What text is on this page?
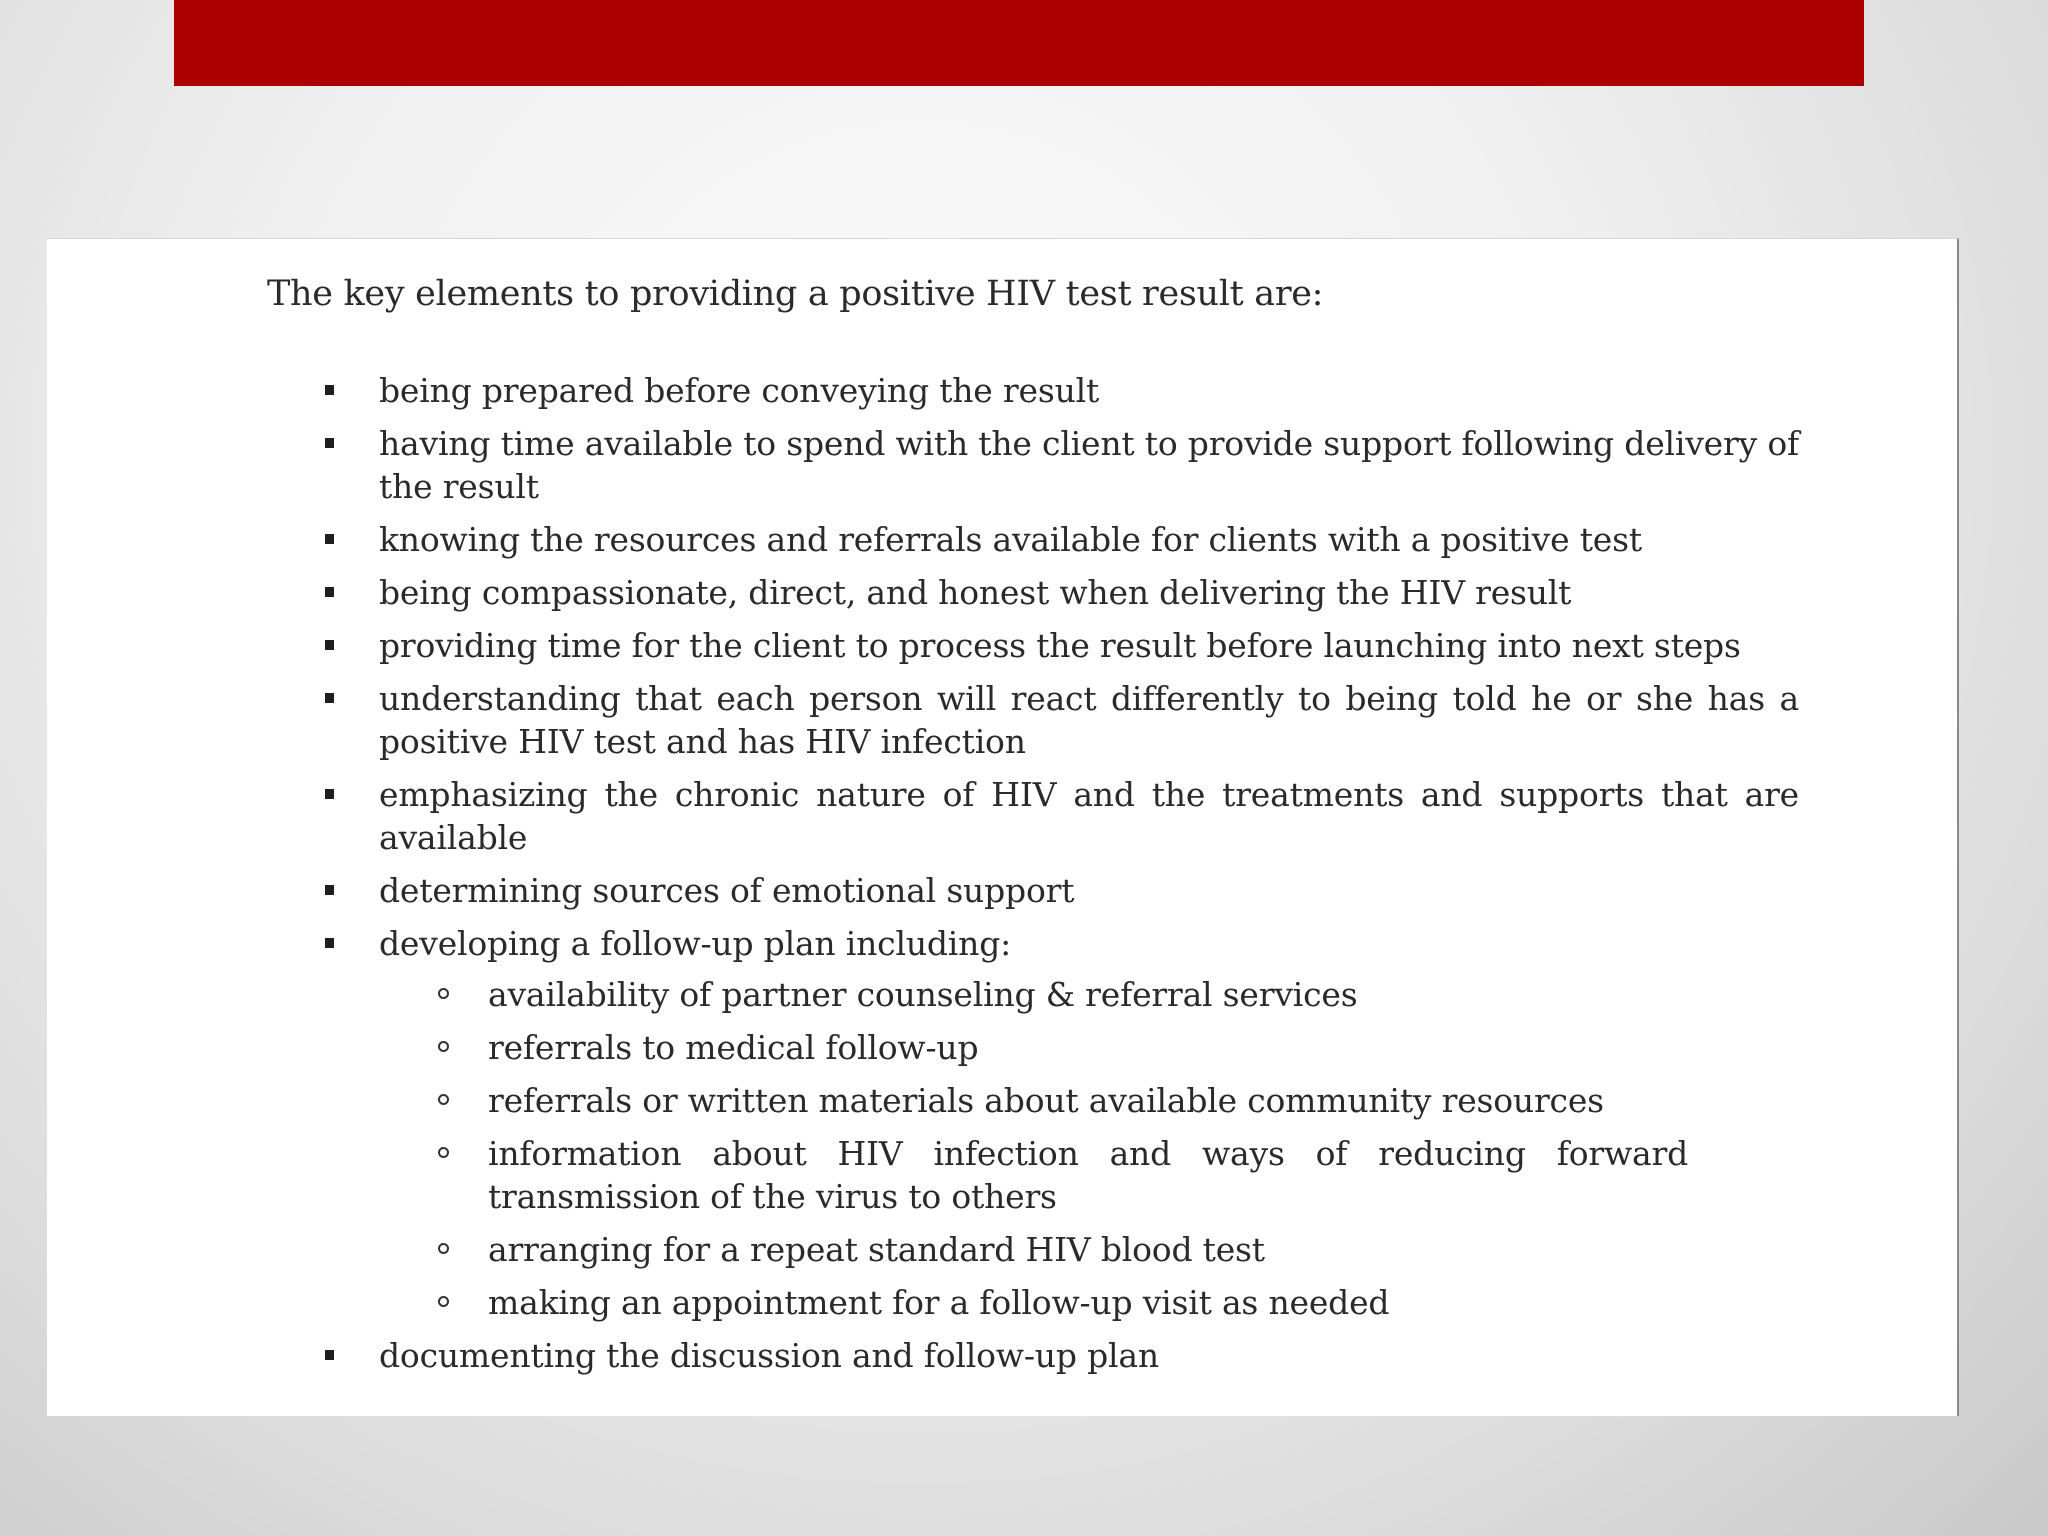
The key elements to providing a positive HIV test result are:

being prepared before conveying the result
having time available to spend with the client to provide support following delivery of the result
knowing the resources and referrals available for clients with a positive test
being compassionate, direct, and honest when delivering the HIV result
providing time for the client to process the result before launching into next steps
understanding that each person will react differently to being told he or she has a positive HIV test and has HIV infection
emphasizing the chronic nature of HIV and the treatments and supports that are available
determining sources of emotional support
developing a follow-up plan including:
availability of partner counseling & referral services
referrals to medical follow-up
referrals or written materials about available community resources
information about HIV infection and ways of reducing forward transmission of the virus to others
arranging for a repeat standard HIV blood test
making an appointment for a follow-up visit as needed
documenting the discussion and follow-up plan
